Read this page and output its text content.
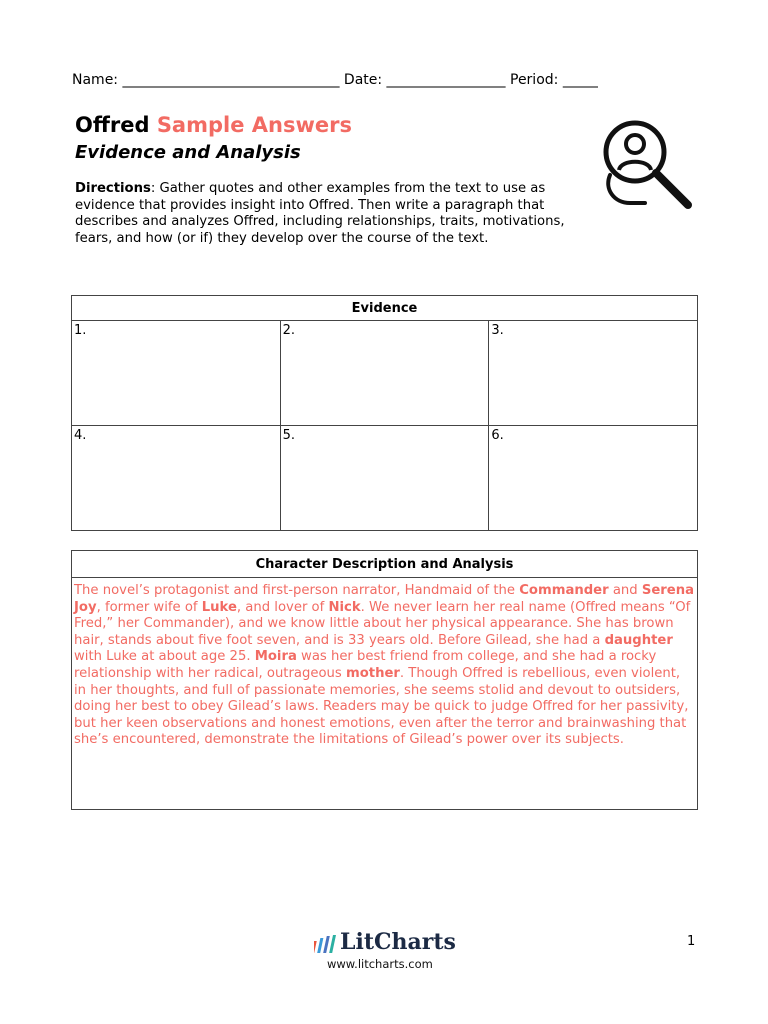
Name: _______________________________ Date: _________________ Period: _____
Offred Sample Answers
Evidence and Analysis
Directions: Gather quotes and other examples from the text to use as evidence that provides insight into Offred. Then write a paragraph that describes and analyzes Offred, including relationships, traits, motivations, fears, and how (or if) they develop over the course of the text.
Evidence		
1.	2.	3.
4.	5.	6.
Character Description and Analysis
The novel’s protagonist and first-person narrator, Handmaid of the Commander and Serena Joy, former wife of Luke, and lover of Nick. We never learn her real name (Offred means “Of Fred,” her Commander), and we know little about her physical appearance. She has brown hair, stands about five foot seven, and is 33 years old. Before Gilead, she had a daughter with Luke at about age 25. Moira was her best friend from college, and she had a rocky relationship with her radical, outrageous mother. Though Offred is rebellious, even violent, in her thoughts, and full of passionate memories, she seems stolid and devout to outsiders, doing her best to obey Gilead’s laws. Readers may be quick to judge Offred for her passivity, but her keen observations and honest emotions, even after the terror and brainwashing that she’s encountered, demonstrate the limitations of Gilead’s power over its subjects.
LitCharts
www.litcharts.com
1
